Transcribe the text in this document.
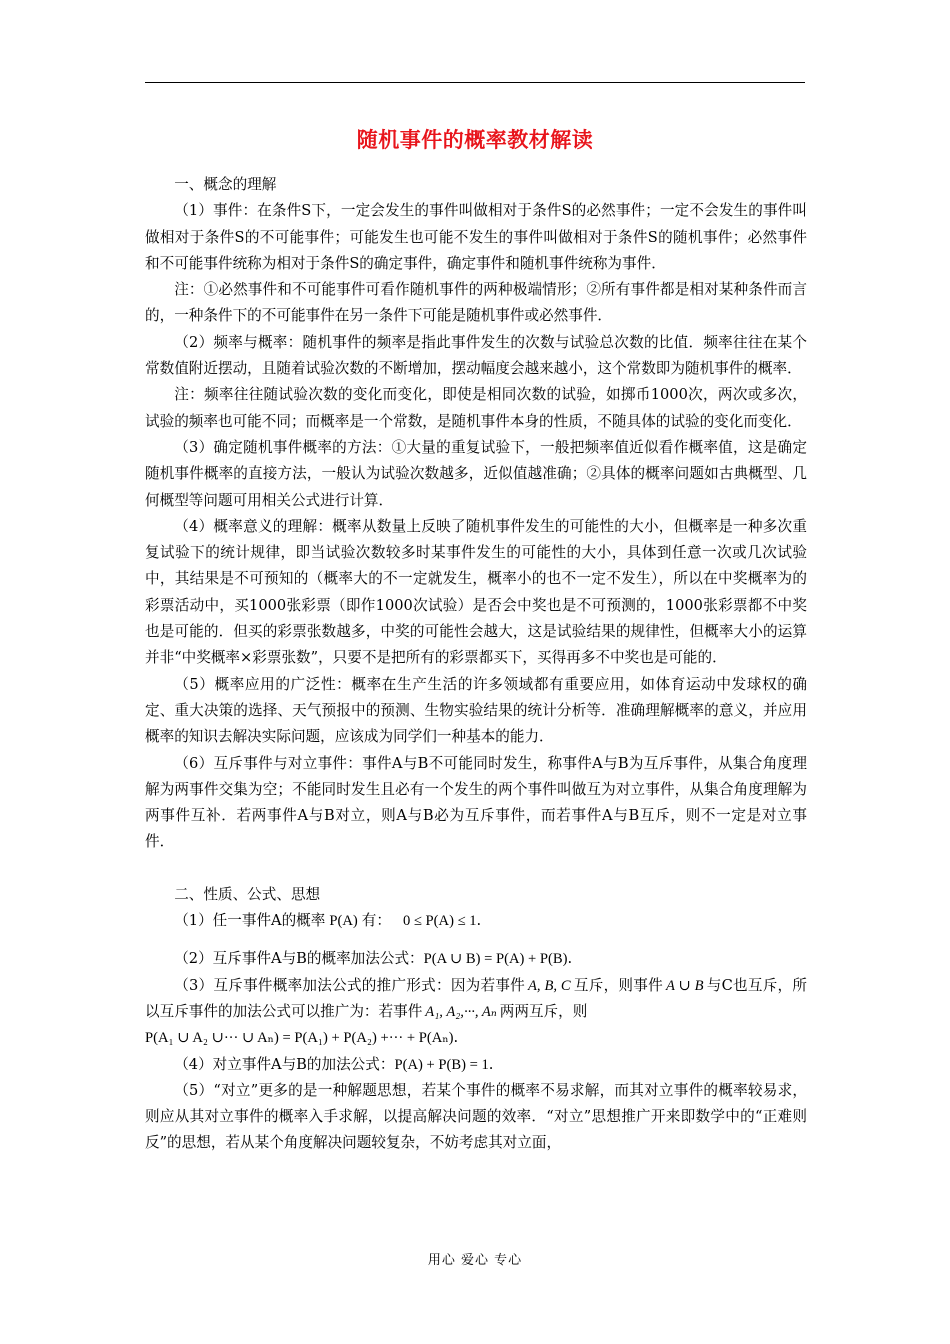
随机事件的概率教材解读

一、概念的理解

（1）事件：在条件S下，一定会发生的事件叫做相对于条件S的必然事件；一定不会发生的事件叫做相对于条件S的不可能事件；可能发生也可能不发生的事件叫做相对于条件S的随机事件；必然事件和不可能事件统称为相对于条件S的确定事件，确定事件和随机事件统称为事件．

注：①必然事件和不可能事件可看作随机事件的两种极端情形；②所有事件都是相对某种条件而言的，一种条件下的不可能事件在另一条件下可能是随机事件或必然事件．

（2）频率与概率：随机事件的频率是指此事件发生的次数与试验总次数的比值．频率往往在某个常数值附近摆动，且随着试验次数的不断增加，摆动幅度会越来越小，这个常数即为随机事件的概率．

注：频率往往随试验次数的变化而变化，即使是相同次数的试验，如掷币1000次，两次或多次，试验的频率也可能不同；而概率是一个常数，是随机事件本身的性质，不随具体的试验的变化而变化．

（3）确定随机事件概率的方法：①大量的重复试验下，一般把频率值近似看作概率值，这是确定随机事件概率的直接方法，一般认为试验次数越多，近似值越准确；②具体的概率问题如古典概型、几何概型等问题可用相关公式进行计算．

（4）概率意义的理解：概率从数量上反映了随机事件发生的可能性的大小，但概率是一种多次重复试验下的统计规律，即当试验次数较多时某事件发生的可能性的大小，具体到任意一次或几次试验中，其结果是不可预知的（概率大的不一定就发生，概率小的也不一定不发生），所以在中奖概率为的彩票活动中，买1000张彩票（即作1000次试验）是否会中奖也是不可预测的，1000张彩票都不中奖也是可能的．但买的彩票张数越多，中奖的可能性会越大，这是试验结果的规律性，但概率大小的运算并非“中奖概率×彩票张数”，只要不是把所有的彩票都买下，买得再多不中奖也是可能的．

（5）概率应用的广泛性：概率在生产生活的许多领域都有重要应用，如体育运动中发球权的确定、重大决策的选择、天气预报中的预测、生物实验结果的统计分析等．准确理解概率的意义，并应用概率的知识去解决实际问题，应该成为同学们一种基本的能力．

（6）互斥事件与对立事件：事件A与B不可能同时发生，称事件A与B为互斥事件，从集合角度理解为两事件交集为空；不能同时发生且必有一个发生的两个事件叫做互为对立事件，从集合角度理解为两事件互补．若两事件A与B对立，则A与B必为互斥事件，而若事件A与B互斥，则不一定是对立事件．

二、性质、公式、思想

（1）任一事件A的概率 P(A) 有： 0 ≤ P(A) ≤ 1.

（2）互斥事件A与B的概率加法公式：P(A ∪ B) = P(A) + P(B).

（3）互斥事件概率加法公式的推广形式：因为若事件 A, B, C 互斥，则事件 A ∪ B 与C也互斥，所以互斥事件的加法公式可以推广为：若事件 A₁, A₂,···, Aₙ 两两互斥，则
P(A₁ ∪ A₂ ∪··· ∪ Aₙ) = P(A₁) + P(A₂) +··· + P(Aₙ).

（4）对立事件A与B的加法公式：P(A) + P(B) = 1.

（5）“对立”更多的是一种解题思想，若某个事件的概率不易求解，而其对立事件的概率较易求，则应从其对立事件的概率入手求解，以提高解决问题的效率．“对立”思想推广开来即数学中的“正难则反”的思想，若从某个角度解决问题较复杂，不妨考虑其对立面，

用心 爱心 专心
